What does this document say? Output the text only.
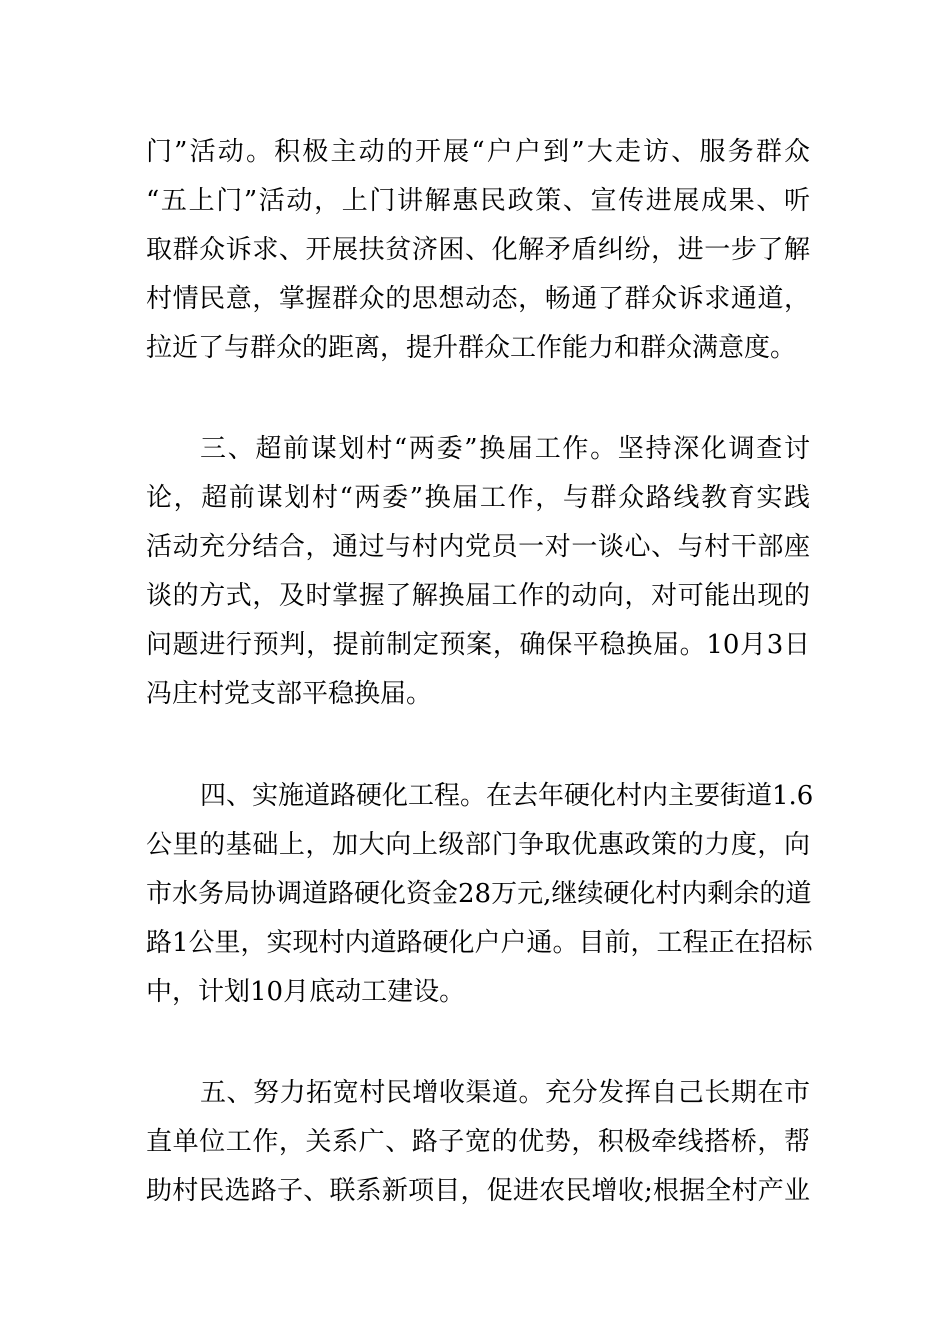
门”活动。积极主动的开展“户户到”大走访、服务群众

“五上门”活动，上门讲解惠民政策、宣传进展成果、听

取群众诉求、开展扶贫济困、化解矛盾纠纷，进一步了解

村情民意，掌握群众的思想动态，畅通了群众诉求通道，

拉近了与群众的距离，提升群众工作能力和群众满意度。

三、超前谋划村“两委”换届工作。坚持深化调查讨

论，超前谋划村“两委”换届工作，与群众路线教育实践

活动充分结合，通过与村内党员一对一谈心、与村干部座

谈的方式，及时掌握了解换届工作的动向，对可能出现的

问题进行预判，提前制定预案，确保平稳换届。10月3日

冯庄村党支部平稳换届。

四、实施道路硬化工程。在去年硬化村内主要街道1.6

公里的基础上，加大向上级部门争取优惠政策的力度，向

市水务局协调道路硬化资金28万元,继续硬化村内剩余的道

路1公里，实现村内道路硬化户户通。目前，工程正在招标

中，计划10月底动工建设。

五、努力拓宽村民增收渠道。充分发挥自己长期在市

直单位工作，关系广、路子宽的优势，积极牵线搭桥，帮

助村民选路子、联系新项目，促进农民增收;根据全村产业
